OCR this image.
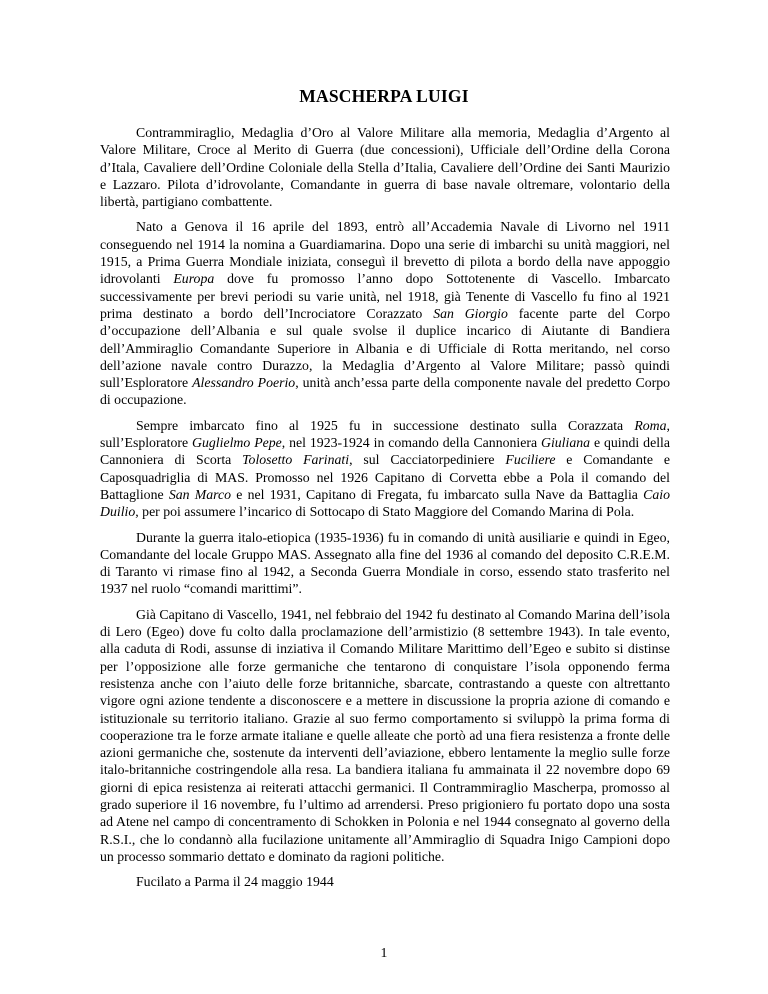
MASCHERPA LUIGI

Contrammiraglio, Medaglia d’Oro al Valore Militare alla memoria, Medaglia d’Argento al Valore Militare, Croce al Merito di Guerra (due concessioni), Ufficiale dell’Ordine della Corona d’Itala, Cavaliere dell’Ordine Coloniale della Stella d’Italia, Cavaliere dell’Ordine dei Santi Maurizio e Lazzaro. Pilota d’idrovolante, Comandante in guerra di base navale oltremare, volontario della libertà, partigiano combattente.

Nato a Genova il 16 aprile del 1893, entrò all’Accademia Navale di Livorno nel 1911 conseguendo nel 1914 la nomina a Guardiamarina. Dopo una serie di imbarchi su unità maggiori, nel 1915, a Prima Guerra Mondiale iniziata, conseguì il brevetto di pilota a bordo della nave appoggio idrovolanti Europa dove fu promosso l’anno dopo Sottotenente di Vascello. Imbarcato successivamente per brevi periodi su varie unità, nel 1918, già Tenente di Vascello fu fino al 1921 prima destinato a bordo dell’Incrociatore Corazzato San Giorgio facente parte del Corpo d’occupazione dell’Albania e sul quale svolse il duplice incarico di Aiutante di Bandiera dell’Ammiraglio Comandante Superiore in Albania e di Ufficiale di Rotta meritando, nel corso dell’azione navale contro Durazzo, la Medaglia d’Argento al Valore Militare; passò quindi sull’Esploratore Alessandro Poerio, unità anch’essa parte della componente navale del predetto Corpo di occupazione.

Sempre imbarcato fino al 1925 fu in successione destinato sulla Corazzata Roma, sull’Esploratore Guglielmo Pepe, nel 1923-1924 in comando della Cannoniera Giuliana e quindi della Cannoniera di Scorta Tolosetto Farinati, sul Cacciatorpediniere Fuciliere e Comandante e Caposquadriglia di MAS. Promosso nel 1926 Capitano di Corvetta ebbe a Pola il comando del Battaglione San Marco e nel 1931, Capitano di Fregata, fu imbarcato sulla Nave da Battaglia Caio Duilio, per poi assumere l’incarico di Sottocapo di Stato Maggiore del Comando Marina di Pola.

Durante la guerra italo-etiopica (1935-1936) fu in comando di unità ausiliarie e quindi in Egeo, Comandante del locale Gruppo MAS. Assegnato alla fine del 1936 al comando del deposito C.R.E.M. di Taranto vi rimase fino al 1942, a Seconda Guerra Mondiale in corso, essendo stato trasferito nel 1937 nel ruolo “comandi marittimi”.

Già Capitano di Vascello, 1941, nel febbraio del 1942 fu destinato al Comando Marina dell’isola di Lero (Egeo) dove fu colto dalla proclamazione dell’armistizio (8 settembre 1943). In tale evento, alla caduta di Rodi, assunse di inziativa il Comando Militare Marittimo dell’Egeo e subito si distinse per l’opposizione alle forze germaniche che tentarono di conquistare l’isola opponendo ferma resistenza anche con l’aiuto delle forze britanniche, sbarcate, contrastando a queste con altrettanto vigore ogni azione tendente a disconoscere e a mettere in discussione la propria azione di comando e istituzionale su territorio italiano. Grazie al suo fermo comportamento si sviluppò la prima forma di cooperazione tra le forze armate italiane e quelle alleate che portò ad una fiera resistenza a fronte delle azioni germaniche che, sostenute da interventi dell’aviazione, ebbero lentamente la meglio sulle forze italo-britanniche costringendole alla resa. La bandiera italiana fu ammainata il 22 novembre dopo 69 giorni di epica resistenza ai reiterati attacchi germanici. Il Contrammiraglio Mascherpa, promosso al grado superiore il 16 novembre, fu l’ultimo ad arrendersi. Preso prigioniero fu portato dopo una sosta ad Atene nel campo di concentramento di Schokken in Polonia e nel 1944 consegnato al governo della R.S.I., che lo condannò alla fucilazione unitamente all’Ammiraglio di Squadra Inigo Campioni dopo un processo sommario dettato e dominato da ragioni politiche.

Fucilato a Parma il 24 maggio 1944

1
